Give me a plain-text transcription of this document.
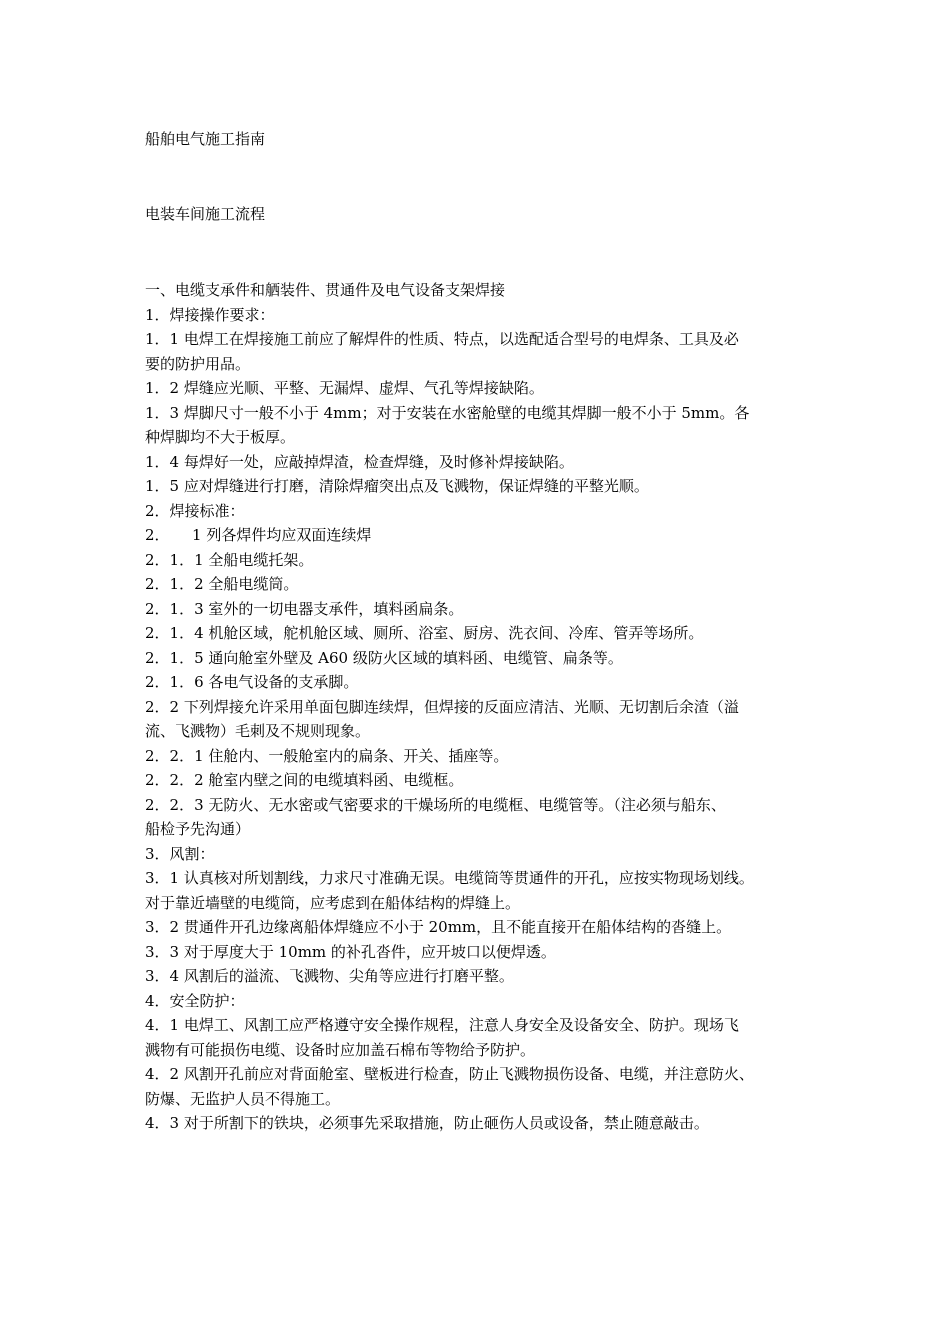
船舶电气施工指南
电装车间施工流程
一、电缆支承件和舾装件、贯通件及电气设备支架焊接
1．焊接操作要求：
1．1 电焊工在焊接施工前应了解焊件的性质、特点，以选配适合型号的电焊条、工具及必
要的防护用品。
1．2 焊缝应光顺、平整、无漏焊、虚焊、气孔等焊接缺陷。
1．3 焊脚尺寸一般不小于 4mm；对于安装在水密舱壁的电缆其焊脚一般不小于 5mm。各
种焊脚均不大于板厚。
1．4 每焊好一处，应敲掉焊渣，检查焊缝，及时修补焊接缺陷。
1．5 应对焊缝进行打磨，清除焊瘤突出点及飞溅物，保证焊缝的平整光顺。
2．焊接标准：
2．　　1 列各焊件均应双面连续焊
2．1．1 全船电缆托架。
2．1．2 全船电缆筒。
2．1．3 室外的一切电器支承件，填料函扁条。
2．1．4 机舱区域，舵机舱区域、厕所、浴室、厨房、洗衣间、冷库、管弄等场所。
2．1．5 通向舱室外壁及 A60 级防火区域的填料函、电缆管、扁条等。
2．1．6 各电气设备的支承脚。
2．2 下列焊接允许采用单面包脚连续焊，但焊接的反面应清洁、光顺、无切割后余渣（溢
流、飞溅物）毛刺及不规则现象。
2．2．1 住舱内、一般舱室内的扁条、开关、插座等。
2．2．2 舱室内壁之间的电缆填料函、电缆框。
2．2．3 无防火、无水密或气密要求的干燥场所的电缆框、电缆管等。（注必须与船东、
船检予先沟通）
3．风割：
3．1 认真核对所划割线，力求尺寸准确无误。电缆筒等贯通件的开孔，应按实物现场划线。
对于靠近墙壁的电缆筒，应考虑到在船体结构的焊缝上。
3．2 贯通件开孔边缘离船体焊缝应不小于 20mm，且不能直接开在船体结构的沓缝上。
3．3 对于厚度大于 10mm 的补孔沓件，应开坡口以便焊透。
3．4 风割后的溢流、飞溅物、尖角等应进行打磨平整。
4．安全防护：
4．1 电焊工、风割工应严格遵守安全操作规程，注意人身安全及设备安全、防护。现场飞
溅物有可能损伤电缆、设备时应加盖石棉布等物给予防护。
4．2 风割开孔前应对背面舱室、壁板进行检查，防止飞溅物损伤设备、电缆，并注意防火、
防爆、无监护人员不得施工。
4．3 对于所割下的铁块，必须事先采取措施，防止砸伤人员或设备，禁止随意敲击。
